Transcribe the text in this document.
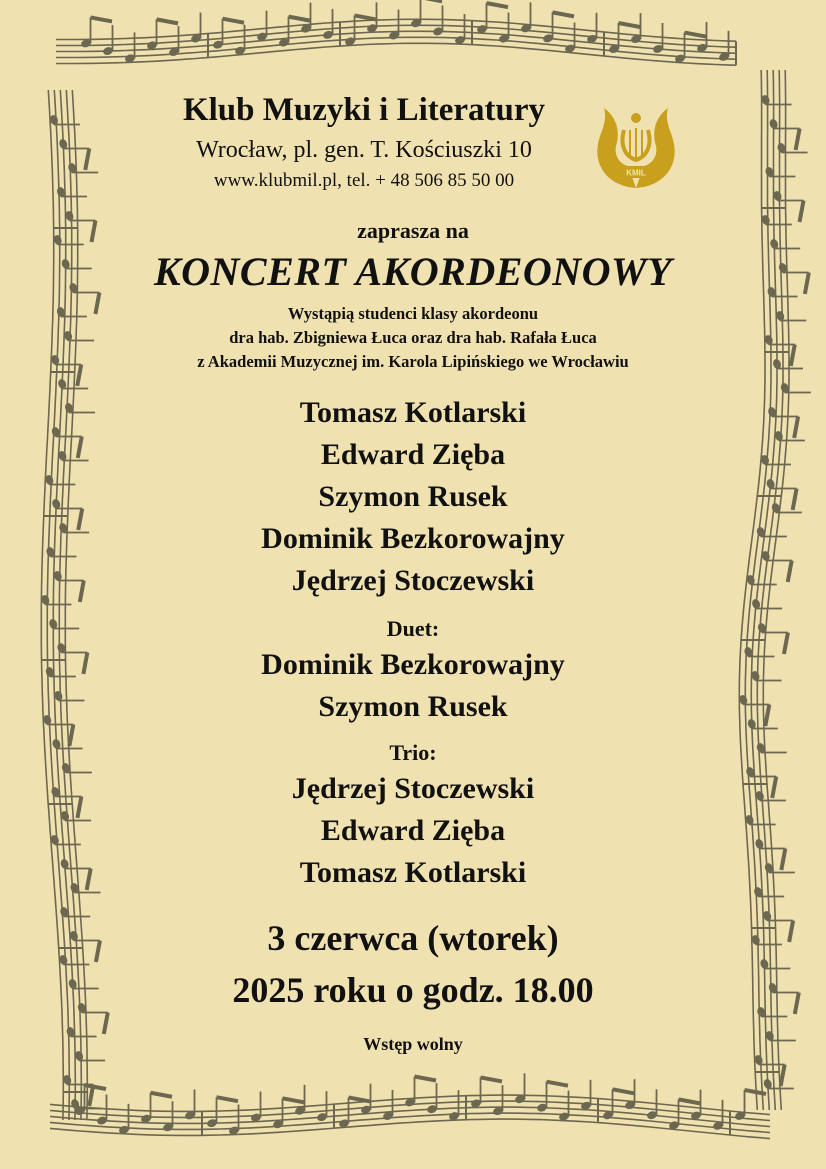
Klub Muzyki i Literatury
Wrocław, pl. gen. T. Kościuszki 10
www.klubmil.pl, tel. + 48 506 85 50 00	KMIL
zaprasza na
KONCERT AKORDEONOWY
Wystąpią studenci klasy akordeonu
dra hab. Zbigniewa Łuca oraz dra hab. Rafała Łuca
z Akademii Muzycznej im. Karola Lipińskiego we Wrocławiu
Tomasz Kotlarski
Edward Zięba
Szymon Rusek
Dominik Bezkorowajny
Jędrzej Stoczewski
Duet:
Dominik Bezkorowajny
Szymon Rusek
Trio:
Jędrzej Stoczewski
Edward Zięba
Tomasz Kotlarski
3 czerwca (wtorek)
2025 roku o godz. 18.00
Wstęp wolny
